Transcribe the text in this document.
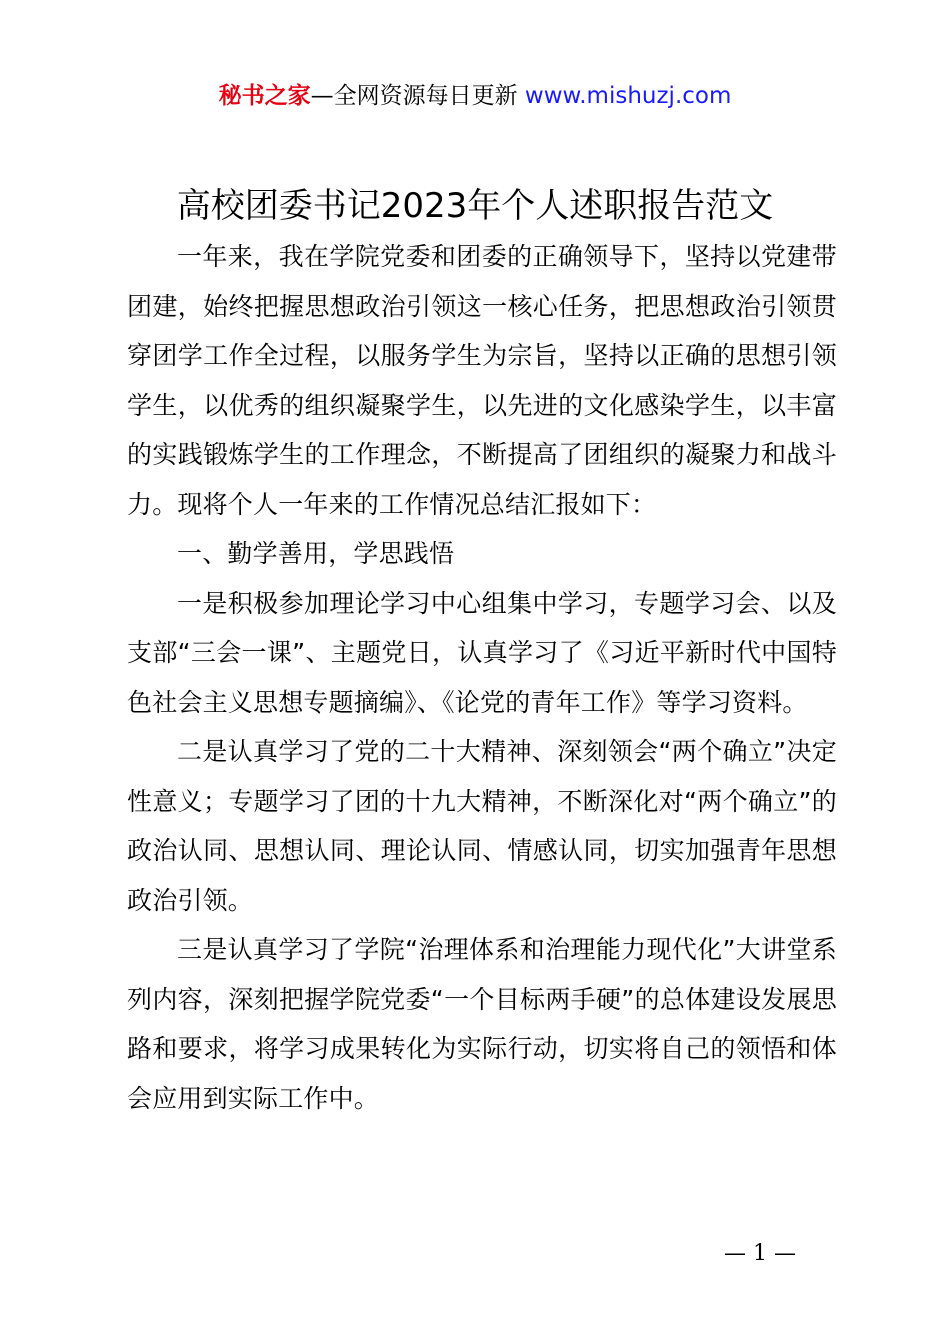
秘书之家—全网资源每日更新 www.mishuzj.com
高校团委书记2023年个人述职报告范文

一年来，我在学院党委和团委的正确领导下，坚持以党建带团建，始终把握思想政治引领这一核心任务，把思想政治引领贯穿团学工作全过程，以服务学生为宗旨，坚持以正确的思想引领学生，以优秀的组织凝聚学生，以先进的文化感染学生，以丰富的实践锻炼学生的工作理念，不断提高了团组织的凝聚力和战斗力。现将个人一年来的工作情况总结汇报如下：

一、勤学善用，学思践悟

一是积极参加理论学习中心组集中学习，专题学习会、以及支部“三会一课”、主题党日，认真学习了《习近平新时代中国特色社会主义思想专题摘编》、《论党的青年工作》等学习资料。

二是认真学习了党的二十大精神、深刻领会“两个确立”决定性意义；专题学习了团的十九大精神，不断深化对“两个确立”的政治认同、思想认同、理论认同、情感认同，切实加强青年思想政治引领。

三是认真学习了学院“治理体系和治理能力现代化”大讲堂系列内容，深刻把握学院党委“一个目标两手硬”的总体建设发展思路和要求，将学习成果转化为实际行动，切实将自己的领悟和体会应用到实际工作中。

— 1 —
